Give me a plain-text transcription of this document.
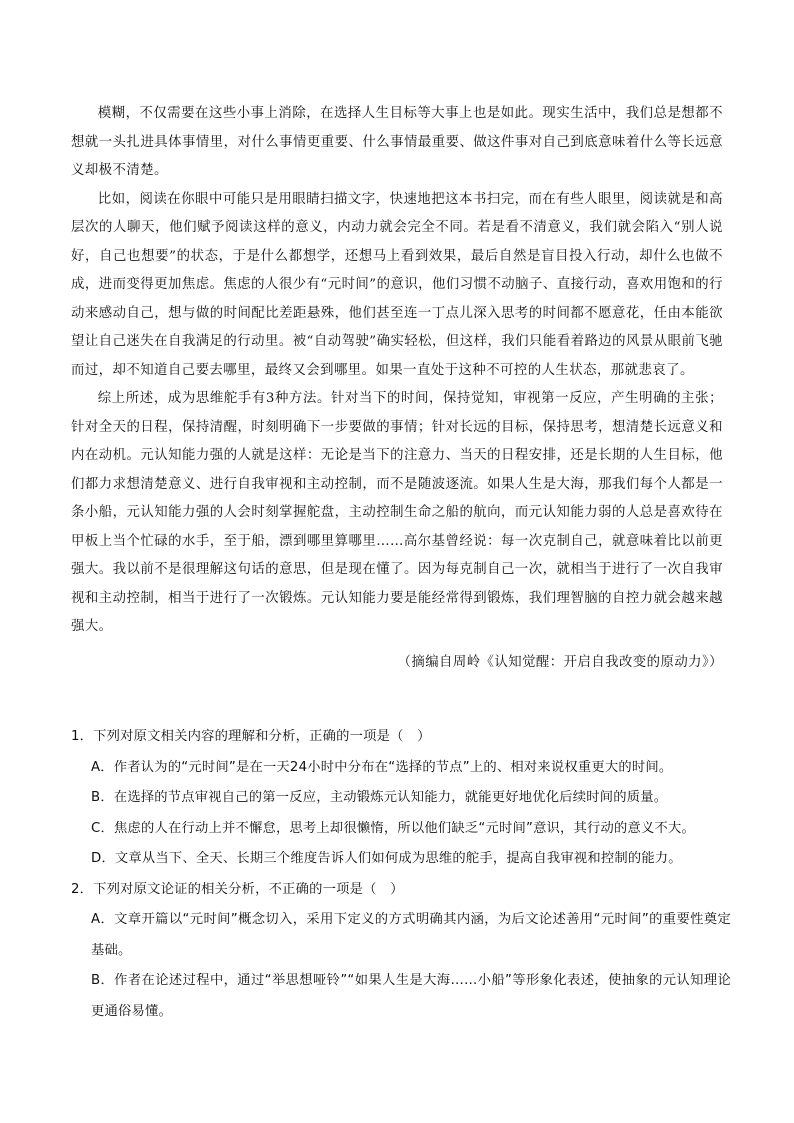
模糊，不仅需要在这些小事上消除，在选择人生目标等大事上也是如此。现实生活中，我们总是想都不想就一头扎进具体事情里，对什么事情更重要、什么事情最重要、做这件事对自己到底意味着什么等长远意义却极不清楚。

比如，阅读在你眼中可能只是用眼睛扫描文字，快速地把这本书扫完，而在有些人眼里，阅读就是和高层次的人聊天，他们赋予阅读这样的意义，内动力就会完全不同。若是看不清意义，我们就会陷入“别人说好，自己也想要”的状态，于是什么都想学，还想马上看到效果，最后自然是盲目投入行动，却什么也做不成，进而变得更加焦虑。焦虑的人很少有“元时间”的意识，他们习惯不动脑子、直接行动，喜欢用饱和的行动来感动自己，想与做的时间配比差距悬殊，他们甚至连一丁点儿深入思考的时间都不愿意花，任由本能欲望让自己迷失在自我满足的行动里。被“自动驾驶”确实轻松，但这样，我们只能看着路边的风景从眼前飞驰而过，却不知道自己要去哪里，最终又会到哪里。如果一直处于这种不可控的人生状态，那就悲哀了。

综上所述，成为思维舵手有3种方法。针对当下的时间，保持觉知，审视第一反应，产生明确的主张；针对全天的日程，保持清醒，时刻明确下一步要做的事情；针对长远的目标，保持思考，想清楚长远意义和内在动机。元认知能力强的人就是这样：无论是当下的注意力、当天的日程安排，还是长期的人生目标，他们都力求想清楚意义、进行自我审视和主动控制，而不是随波逐流。如果人生是大海，那我们每个人都是一条小船，元认知能力强的人会时刻掌握舵盘，主动控制生命之船的航向，而元认知能力弱的人总是喜欢待在甲板上当个忙碌的水手，至于船，漂到哪里算哪里……高尔基曾经说：每一次克制自己，就意味着比以前更强大。我以前不是很理解这句话的意思，但是现在懂了。因为每克制自己一次，就相当于进行了一次自我审视和主动控制，相当于进行了一次锻炼。元认知能力要是能经常得到锻炼，我们理智脑的自控力就会越来越强大。

（摘编自周岭《认知觉醒：开启自我改变的原动力》）
1．下列对原文相关内容的理解和分析，正确的一项是（　）
A．作者认为的“元时间”是在一天24小时中分布在“选择的节点”上的、相对来说权重更大的时间。
B．在选择的节点审视自己的第一反应，主动锻炼元认知能力，就能更好地优化后续时间的质量。
C．焦虑的人在行动上并不懈怠，思考上却很懒惰，所以他们缺乏“元时间”意识，其行动的意义不大。
D．文章从当下、全天、长期三个维度告诉人们如何成为思维的舵手，提高自我审视和控制的能力。
2．下列对原文论证的相关分析，不正确的一项是（　）
A．文章开篇以“元时间”概念切入，采用下定义的方式明确其内涵，为后文论述善用“元时间”的重要性奠定基础。
B．作者在论述过程中，通过“举思想哑铃”“如果人生是大海……小船”等形象化表述，使抽象的元认知理论更通俗易懂。
